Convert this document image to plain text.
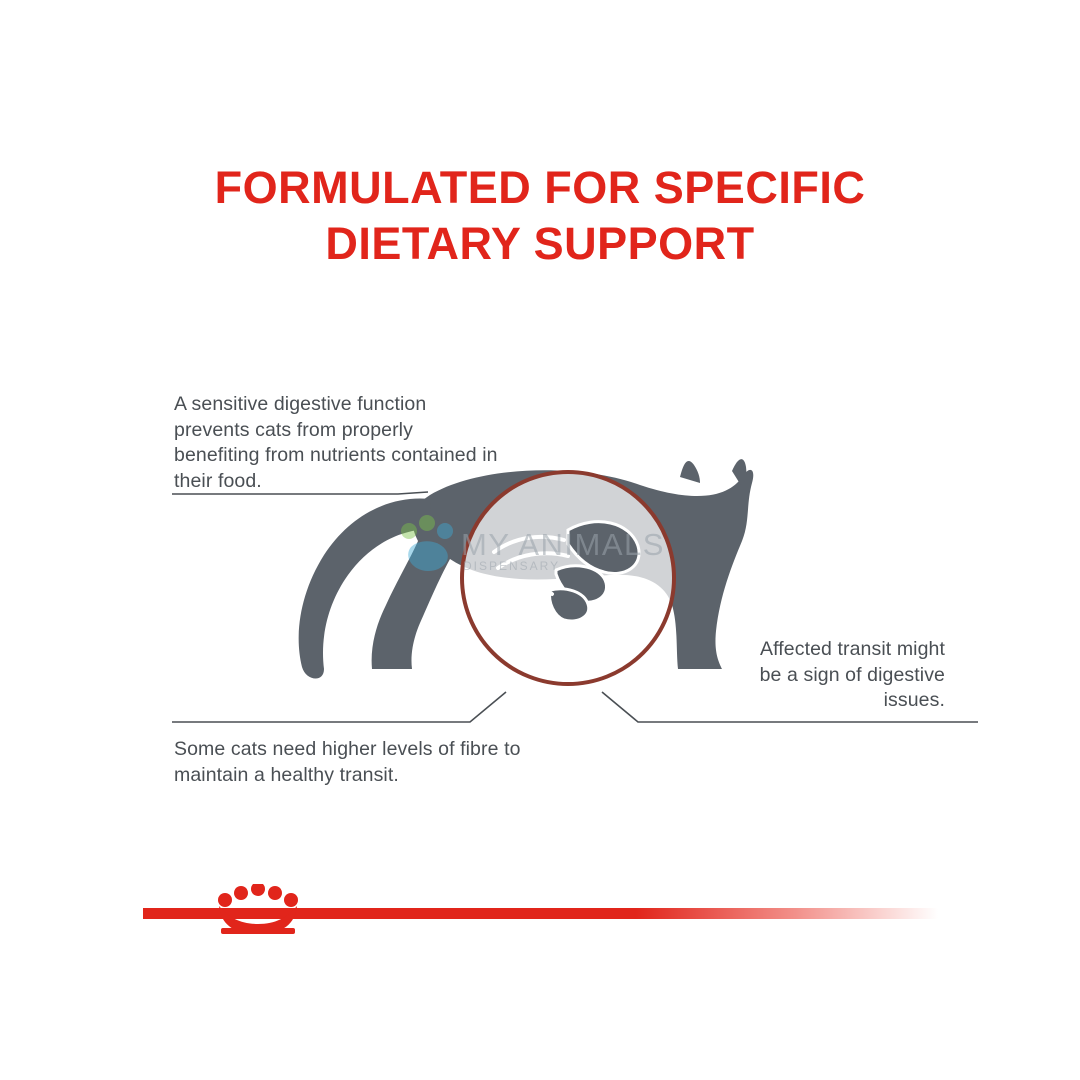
FORMULATED FOR SPECIFIC
DIETARY SUPPORT
MY ANIMALS
DISPENSARY
A sensitive digestive function prevents cats from properly benefiting from nutrients contained in their food.
Some cats need higher levels of fibre to maintain a healthy transit.
Affected transit might be a sign of digestive issues.
